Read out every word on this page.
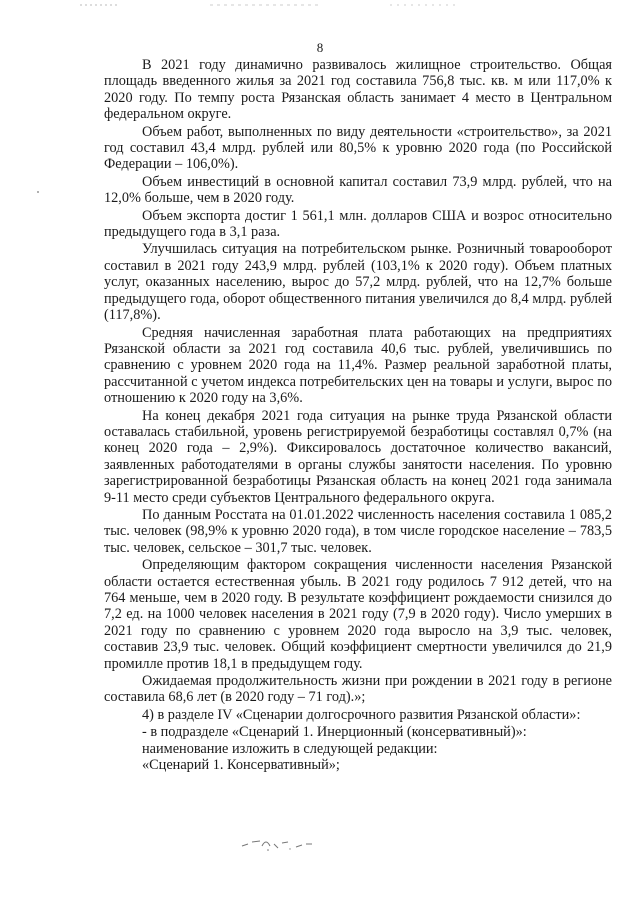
8

В 2021 году динамично развивалось жилищное строительство. Общая площадь введенного жилья за 2021 год составила 756,8 тыс. кв. м или 117,0% к 2020 году. По темпу роста Рязанская область занимает 4 место в Центральном федеральном округе.

Объем работ, выполненных по виду деятельности «строительство», за 2021 год составил 43,4 млрд. рублей или 80,5% к уровню 2020 года (по Российской Федерации – 106,0%).

Объем инвестиций в основной капитал составил 73,9 млрд. рублей, что на 12,0% больше, чем в 2020 году.

Объем экспорта достиг 1 561,1 млн. долларов США и возрос относительно предыдущего года в 3,1 раза.

Улучшилась ситуация на потребительском рынке. Розничный товарооборот составил в 2021 году 243,9 млрд. рублей (103,1% к 2020 году). Объем платных услуг, оказанных населению, вырос до 57,2 млрд. рублей, что на 12,7% больше предыдущего года, оборот общественного питания увеличился до 8,4 млрд. рублей (117,8%).

Средняя начисленная заработная плата работающих на предприятиях Рязанской области за 2021 год составила 40,6 тыс. рублей, увеличившись по сравнению с уровнем 2020 года на 11,4%. Размер реальной заработной платы, рассчитанной с учетом индекса потребительских цен на товары и услуги, вырос по отношению к 2020 году на 3,6%.

На конец декабря 2021 года ситуация на рынке труда Рязанской области оставалась стабильной, уровень регистрируемой безработицы составлял 0,7% (на конец 2020 года – 2,9%). Фиксировалось достаточное количество вакансий, заявленных работодателями в органы службы занятости населения. По уровню зарегистрированной безработицы Рязанская область на конец 2021 года занимала 9-11 место среди субъектов Центрального федерального округа.

По данным Росстата на 01.01.2022 численность населения составила 1 085,2 тыс. человек (98,9% к уровню 2020 года), в том числе городское население – 783,5 тыс. человек, сельское – 301,7 тыс. человек.

Определяющим фактором сокращения численности населения Рязанской области остается естественная убыль. В 2021 году родилось 7 912 детей, что на 764 меньше, чем в 2020 году. В результате коэффициент рождаемости снизился до 7,2 ед. на 1000 человек населения в 2021 году (7,9 в 2020 году). Число умерших в 2021 году по сравнению с уровнем 2020 года выросло на 3,9 тыс. человек, составив 23,9 тыс. человек. Общий коэффициент смертности увеличился до 21,9 промилле против 18,1 в предыдущем году.

Ожидаемая продолжительность жизни при рождении в 2021 году в регионе составила 68,6 лет (в 2020 году – 71 год).»;

4) в разделе IV «Сценарии долгосрочного развития Рязанской области»:

- в подразделе «Сценарий 1. Инерционный (консервативный)»:

наименование изложить в следующей редакции:

«Сценарий 1. Консервативный»;
